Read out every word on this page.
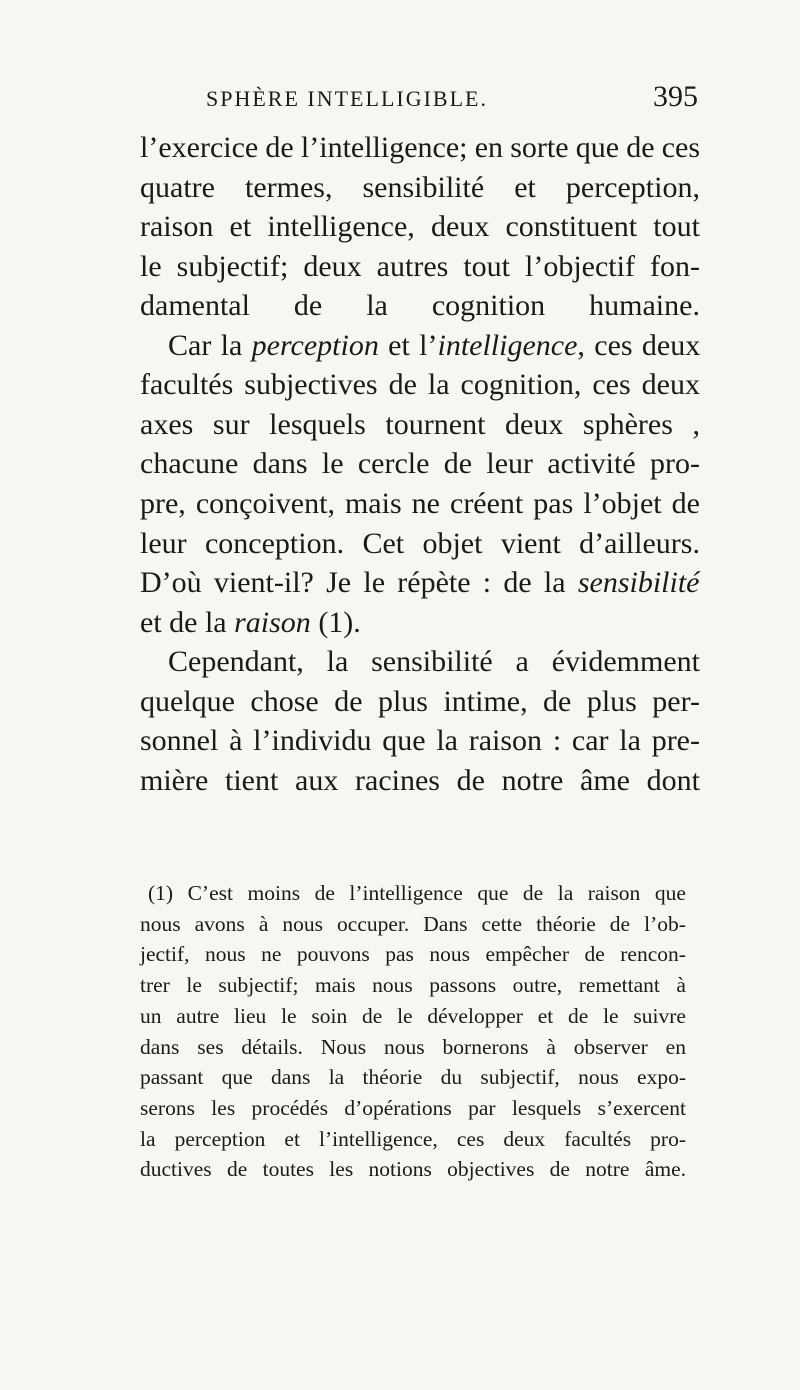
SPHÈRE INTELLIGIBLE.	395
l’exercice de l’intelligence; en sorte que de ces
quatre termes, sensibilité et perception,
raison et intelligence, deux constituent tout
le subjectif; deux autres tout l’objectif fon-
damental de la cognition humaine.
Car la perception et l’intelligence, ces deux
facultés subjectives de la cognition, ces deux
axes sur lesquels tournent deux sphères ,
chacune dans le cercle de leur activité pro-
pre, conçoivent, mais ne créent pas l’objet de
leur conception. Cet objet vient d’ailleurs.
D’où vient-il? Je le répète : de la sensibilité
et de la raison (1).
Cependant, la sensibilité a évidemment
quelque chose de plus intime, de plus per-
sonnel à l’individu que la raison : car la pre-
mière tient aux racines de notre âme dont
(1) C’est moins de l’intelligence que de la raison que
nous avons à nous occuper. Dans cette théorie de l’ob-
jectif, nous ne pouvons pas nous empêcher de rencon-
trer le subjectif; mais nous passons outre, remettant à
un autre lieu le soin de le développer et de le suivre
dans ses détails. Nous nous bornerons à observer en
passant que dans la théorie du subjectif, nous expo-
serons les procédés d’opérations par lesquels s’exercent
la perception et l’intelligence, ces deux facultés pro-
ductives de toutes les notions objectives de notre âme.
